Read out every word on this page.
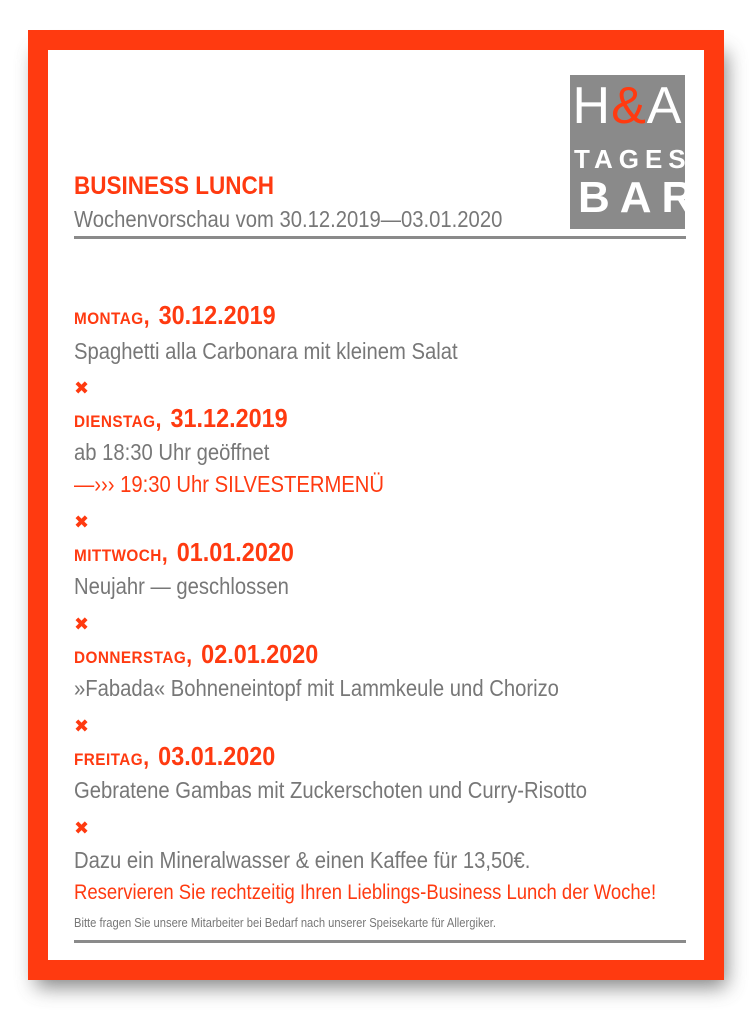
H&A
TAGES
BAR
BUSINESS LUNCH
Wochenvorschau vom 30.12.2019—03.01.2020
MONTAG, 30.12.2019
Spaghetti alla Carbonara mit kleinem Salat
✖
DIENSTAG, 31.12.2019
ab 18:30 Uhr geöffnet
—››› 19:30 Uhr SILVESTERMENÜ
✖
MITTWOCH, 01.01.2020
Neujahr — geschlossen
✖
DONNERSTAG, 02.01.2020
»Fabada« Bohneneintopf mit Lammkeule und Chorizo
✖
FREITAG, 03.01.2020
Gebratene Gambas mit Zuckerschoten und Curry-Risotto
✖
Dazu ein Mineralwasser & einen Kaffee für 13,50€.
Reservieren Sie rechtzeitig Ihren Lieblings-Business Lunch der Woche!
Bitte fragen Sie unsere Mitarbeiter bei Bedarf nach unserer Speisekarte für Allergiker.
